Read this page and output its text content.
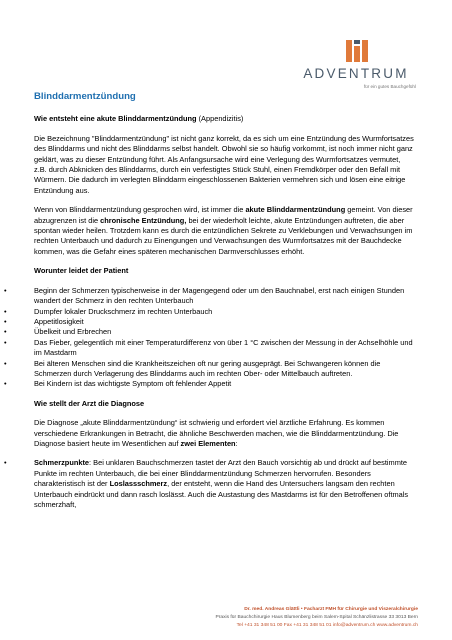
ADVENTRUM
für ein gutes Bauchgefühl
Blinddarmentzündung

Wie entsteht eine akute Blinddarmentzündung (Appendizitis)

Die Bezeichnung "Blinddarmentzündung" ist nicht ganz korrekt, da es sich um eine Entzündung des Wurmfortsatzes des Blinddarms und nicht des Blinddarms selbst handelt. Obwohl sie so häufig vorkommt, ist noch immer nicht ganz geklärt, was zu dieser Entzündung führt. Als Anfangsursache wird eine Verlegung des Wurmfortsatzes vermutet, z.B. durch Abknicken des Blinddarms, durch ein verfestigtes Stück Stuhl, einen Fremdkörper oder den Befall mit Würmern. Die dadurch im verlegten Blinddarm eingeschlossenen Bakterien vermehren sich und lösen eine eitrige Entzündung aus.

Wenn von Blinddarmentzündung gesprochen wird, ist immer die akute Blinddarmentzündung gemeint. Von dieser abzugrenzen ist die chronische Entzündung, bei der wiederholt leichte, akute Entzündungen auftreten, die aber spontan wieder heilen. Trotzdem kann es durch die entzündlichen Sekrete zu Verklebungen und Verwachsungen im rechten Unterbauch und dadurch zu Einengungen und Verwachsungen des Wurmfortsatzes mit der Bauchdecke kommen, was die Gefahr eines späteren mechanischen Darmverschlusses erhöht.

Worunter leidet der Patient
•	Beginn der Schmerzen typischerweise in der Magengegend oder um den Bauchnabel, erst nach einigen Stunden wandert der Schmerz in den rechten Unterbauch
•	Dumpfer lokaler Druckschmerz im rechten Unterbauch
•	Appetitlosigkeit
•	Übelkeit und Erbrechen
•	Das Fieber, gelegentlich mit einer Temperaturdifferenz von über 1 °C zwischen der Messung in der Achselhöhle und im Mastdarm
•	Bei älteren Menschen sind die Krankheitszeichen oft nur gering ausgeprägt. Bei Schwangeren können die Schmerzen durch Verlagerung des Blinddarms auch im rechten Ober- oder Mittelbauch auftreten.
•	Bei Kindern ist das wichtigste Symptom oft fehlender Appetit
Wie stellt der Arzt die Diagnose

Die Diagnose „akute Blinddarmentzündung“ ist schwierig und erfordert viel ärztliche Erfahrung. Es kommen verschiedene Erkrankungen in Betracht, die ähnliche Beschwerden machen, wie die Blinddarmentzündung. Die Diagnose basiert heute im Wesentlichen auf zwei Elementen:

•	Schmerzpunkte: Bei unklaren Bauchschmerzen tastet der Arzt den Bauch vorsichtig ab und drückt auf bestimmte Punkte im rechten Unterbauch, die bei einer Blinddarmentzündung Schmerzen hervorrufen. Besonders charakteristisch ist der Loslassschmerz, der entsteht, wenn die Hand des Untersuchers langsam den rechten Unterbauch eindrückt und dann rasch loslässt. Auch die Austastung des Mastdarms ist für den Betroffenen oftmals schmerzhaft,
Dr. med. Andreas Glättli • Facharzt FMH für Chirurgie und Viszeralchirurgie
Praxis für Bauchchirurgie Haus Blumenberg beim Salem-Spital Schänzlistrasse 33 3013 Bern
Tel +41 31 348 51 00 Fax +41 31 348 51 01 info@adventrum.ch www.adventrum.ch
